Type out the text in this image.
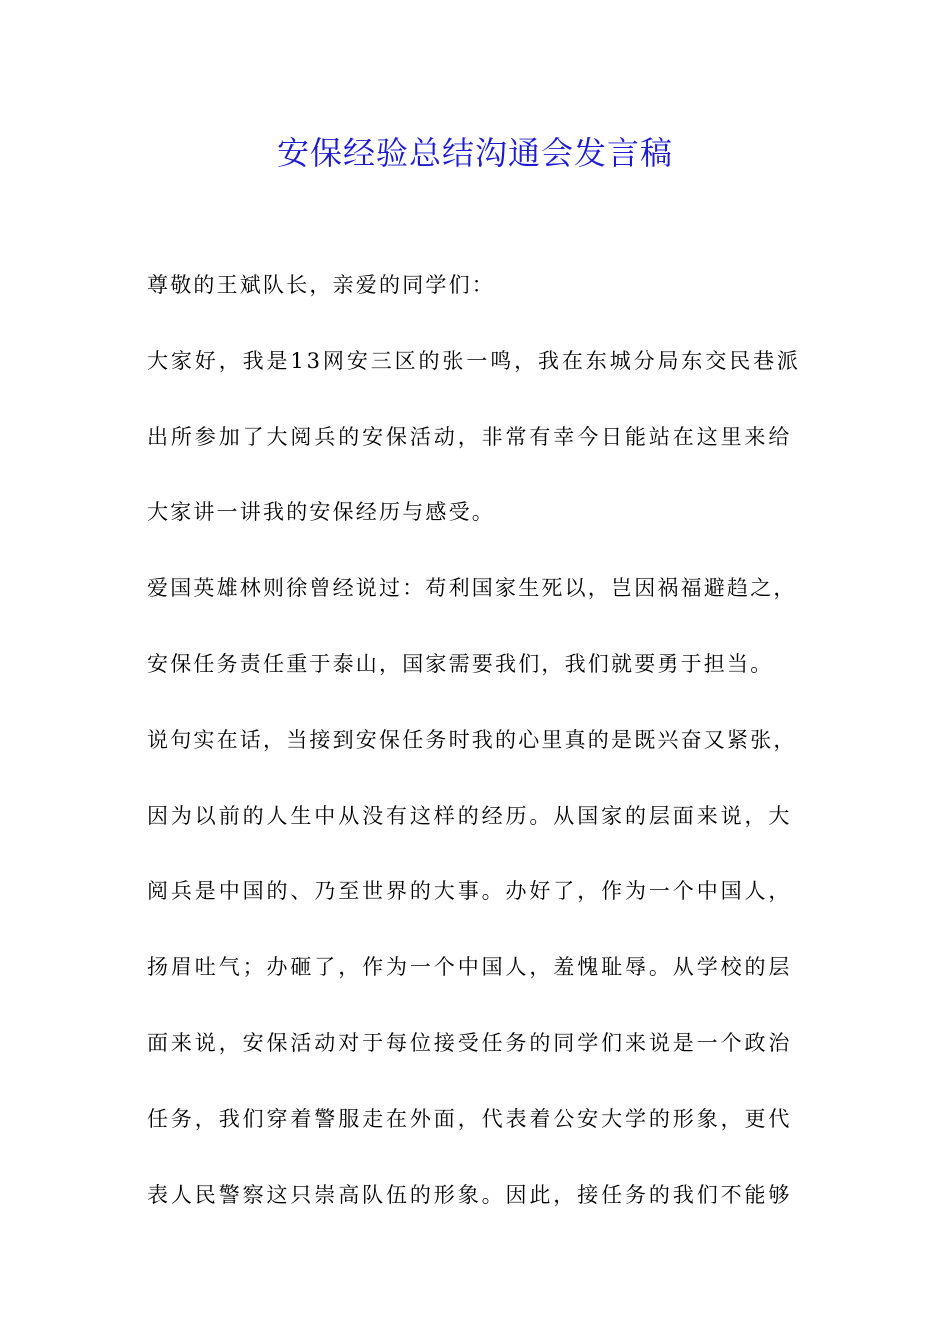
安保经验总结沟通会发言稿
尊敬的王斌队长，亲爱的同学们：
大家好，我是13网安三区的张一鸣，我在东城分局东交民巷派
出所参加了大阅兵的安保活动，非常有幸今日能站在这里来给
大家讲一讲我的安保经历与感受。
爱国英雄林则徐曾经说过：苟利国家生死以，岂因祸福避趋之，
安保任务责任重于泰山，国家需要我们，我们就要勇于担当。
说句实在话，当接到安保任务时我的心里真的是既兴奋又紧张，
因为以前的人生中从没有这样的经历。从国家的层面来说，大
阅兵是中国的、乃至世界的大事。办好了，作为一个中国人，
扬眉吐气；办砸了，作为一个中国人，羞愧耻辱。从学校的层
面来说，安保活动对于每位接受任务的同学们来说是一个政治
任务，我们穿着警服走在外面，代表着公安大学的形象，更代
表人民警察这只崇高队伍的形象。因此，接任务的我们不能够
